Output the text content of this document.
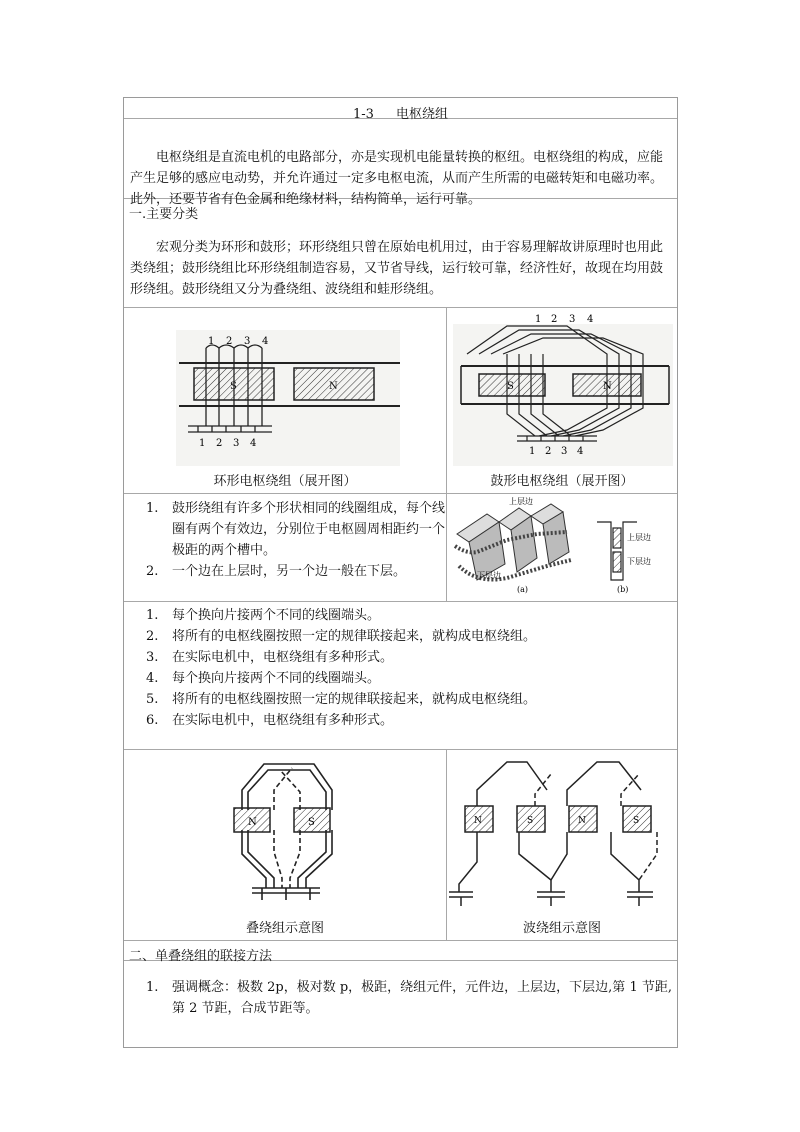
1-3 电枢绕组
电枢绕组是直流电机的电路部分，亦是实现机电能量转换的枢纽。电枢绕组的构成，应能产生足够的感应电动势，并允许通过一定多电枢电流，从而产生所需的电磁转矩和电磁功率。此外，还要节省有色金属和绝缘材料，结构简单，运行可靠。
一.主要分类
宏观分类为环形和鼓形；环形绕组只曾在原始电机用过，由于容易理解故讲原理时也用此类绕组；鼓形绕组比环形绕组制造容易，又节省导线，运行较可靠，经济性好，故现在均用鼓形绕组。鼓形绕组又分为叠绕组、波绕组和蛙形绕组。
S	N
1 2 3 4
1 2 3 4
环形电枢绕组（展开图）
S	N
1 2 3 4
1 2 3 4
鼓形电枢绕组（展开图）
1.	鼓形绕组有许多个形状相同的线圈组成，每个线圈有两个有效边，分别位于电枢圆周相距约一个极距的两个槽中。
2.	一个边在上层时，另一个边一般在下层。
上层边
下层边
(a)
上层边
下层边
(b)
1.	每个换向片接两个不同的线圈端头。
2.	将所有的电枢线圈按照一定的规律联接起来，就构成电枢绕组。
3.	在实际电机中，电枢绕组有多种形式。
4.	每个换向片接两个不同的线圈端头。
5.	将所有的电枢线圈按照一定的规律联接起来，就构成电枢绕组。
6.	在实际电机中，电枢绕组有多种形式。
N	S
叠绕组示意图
N	S	N	S
波绕组示意图
二、单叠绕组的联接方法
1.	强调概念：极数 2p，极对数 p，极距，绕组元件，元件边，上层边，下层边,第 1 节距,第 2 节距，合成节距等。
